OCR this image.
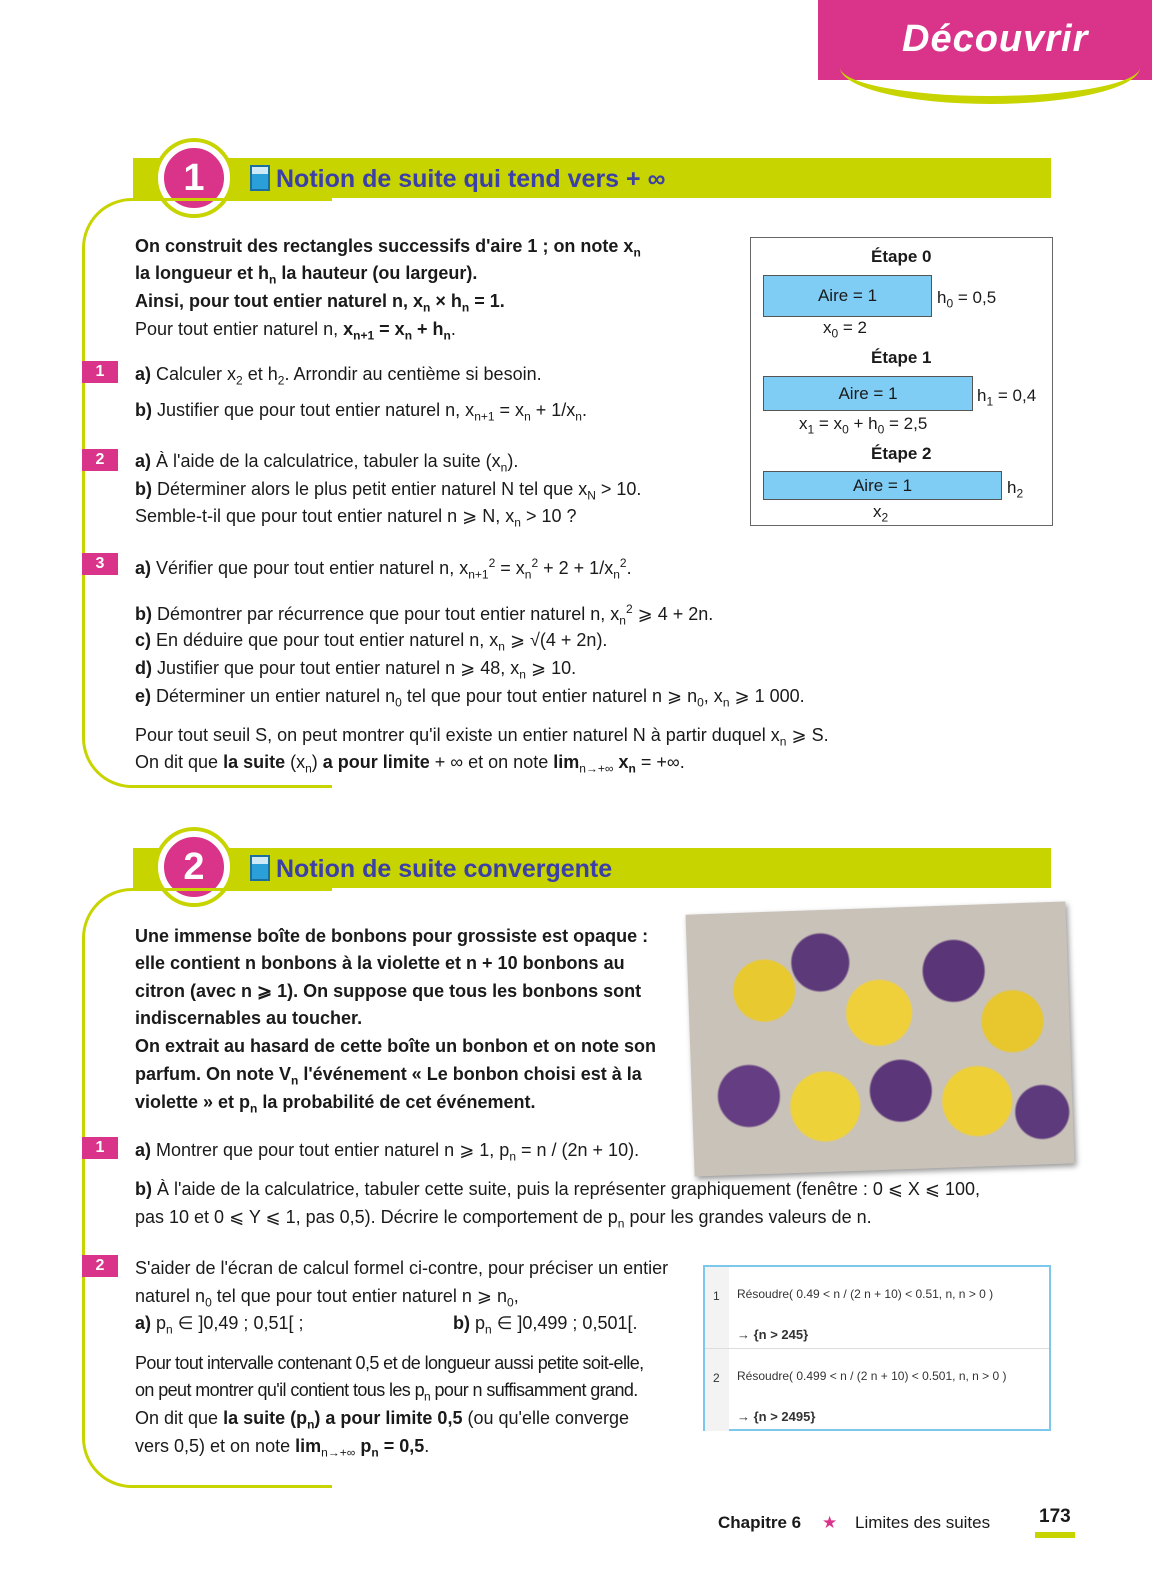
Découvrir
1	Notion de suite qui tend vers + ∞
On construit des rectangles successifs d'aire 1 ; on note $x_n$
la longueur et $h_n$ la hauteur (ou largeur).
Ainsi, pour tout entier naturel n, $x_n \times h_n = 1$.
Pour tout entier naturel n, $x_{n+1} = x_n + h_n$.
1	a) Calculer $x_2$ et $h_2$. Arrondir au centième si besoin.
b) Justifier que pour tout entier naturel n, $x_{n+1} = x_n + 1/x_n$.
2	a) À l'aide de la calculatrice, tabuler la suite $(x_n)$.
b) Déterminer alors le plus petit entier naturel N tel que $x_N > 10$.
Semble-t-il que pour tout entier naturel n ⩾ N, $x_n > 10$ ?
3	a) Vérifier que pour tout entier naturel n, $x_{n+1}^2 = x_n^2 + 2 + 1/x_n^2$.
b) Démontrer par récurrence que pour tout entier naturel n, $x_n^2$ ⩾ 4 + 2n.
c) En déduire que pour tout entier naturel n, $x_n$ ⩾ √(4 + 2n).
d) Justifier que pour tout entier naturel n ⩾ 48, $x_n$ ⩾ 10.
e) Déterminer un entier naturel $n_0$ tel que pour tout entier naturel n ⩾ $n_0$, $x_n$ ⩾ 1 000.
Pour tout seuil S, on peut montrer qu'il existe un entier naturel N à partir duquel $x_n$ ⩾ S.
On dit que la suite $(x_n)$ a pour limite + ∞ et on note $\lim_{n\to+\infty} x_n$ = +∞.
Étape 0
Aire = 1	$h_0 = 0,5$
$x_0 = 2$
Étape 1
Aire = 1	$h_1 = 0,4$
$x_1 = x_0 + h_0 = 2,5$
Étape 2
Aire = 1	$h_2$
$x_2$
2	Notion de suite convergente
Une immense boîte de bonbons pour grossiste est opaque :
elle contient n bonbons à la violette et n + 10 bonbons au
citron (avec n ⩾ 1). On suppose que tous les bonbons sont
indiscernables au toucher.
On extrait au hasard de cette boîte un bonbon et on note son
parfum. On note $V_n$ l'événement « Le bonbon choisi est à la
violette » et $p_n$ la probabilité de cet événement.
1	a) Montrer que pour tout entier naturel n ⩾ 1, $p_n = n / (2n + 10)$.
b) À l'aide de la calculatrice, tabuler cette suite, puis la représenter graphiquement (fenêtre : 0 ⩽ X ⩽ 100,
pas 10 et 0 ⩽ Y ⩽ 1, pas 0,5). Décrire le comportement de $p_n$ pour les grandes valeurs de n.
2	S'aider de l'écran de calcul formel ci-contre, pour préciser un entier
naturel $n_0$ tel que pour tout entier naturel n ⩾ $n_0$,
a) $p_n$ ∈ ]0,49 ; 0,51[ ;	b) $p_n$ ∈ ]0,499 ; 0,501[.
Pour tout intervalle contenant 0,5 et de longueur aussi petite soit-elle,
on peut montrer qu'il contient tous les $p_n$ pour n suffisamment grand.
On dit que la suite $(p_n)$ a pour limite 0,5 (ou qu'elle converge
vers 0,5) et on note $\lim_{n\to+\infty} p_n = 0,5$.
1 Résoudre( 0.49 < n / (2 n + 10) < 0.51, n, n > 0 )
→ {n > 245}
2 Résoudre( 0.499 < n / (2 n + 10) < 0.501, n, n > 0 )
→ {n > 2495}
Chapitre 6 ★ Limites des suites	173
